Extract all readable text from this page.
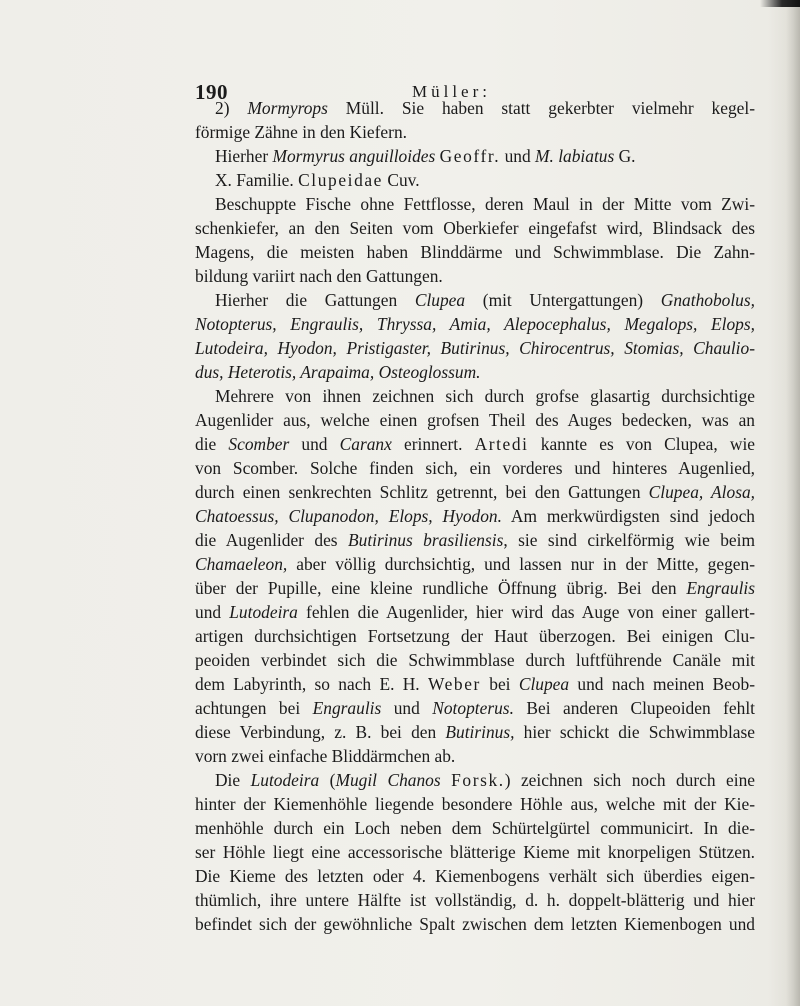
190	Müller:
2) Mormyrops Müll. Sie haben statt gekerbter vielmehr kegel-
förmige Zähne in den Kiefern.
Hierher Mormyrus anguilloides Geoffr. und M. labiatus G.
X. Familie. Clupeidae Cuv.
Beschuppte Fische ohne Fettflosse, deren Maul in der Mitte vom Zwi-
schenkiefer, an den Seiten vom Oberkiefer eingefafst wird, Blindsack des
Magens, die meisten haben Blinddärme und Schwimmblase. Die Zahn-
bildung variirt nach den Gattungen.
Hierher die Gattungen Clupea (mit Untergattungen) Gnathobolus,
Notopterus, Engraulis, Thryssa, Amia, Alepocephalus, Megalops, Elops,
Lutodeira, Hyodon, Pristigaster, Butirinus, Chirocentrus, Stomias, Chaulio-
dus, Heterotis, Arapaima, Osteoglossum.
Mehrere von ihnen zeichnen sich durch grofse glasartig durchsichtige
Augenlider aus, welche einen grofsen Theil des Auges bedecken, was an
die Scomber und Caranx erinnert. Artedi kannte es von Clupea, wie
von Scomber. Solche finden sich, ein vorderes und hinteres Augenlied,
durch einen senkrechten Schlitz getrennt, bei den Gattungen Clupea, Alosa,
Chatoessus, Clupanodon, Elops, Hyodon. Am merkwürdigsten sind jedoch
die Augenlider des Butirinus brasiliensis, sie sind cirkelförmig wie beim
Chamaeleon, aber völlig durchsichtig, und lassen nur in der Mitte, gegen-
über der Pupille, eine kleine rundliche Öffnung übrig. Bei den Engraulis
und Lutodeira fehlen die Augenlider, hier wird das Auge von einer gallert-
artigen durchsichtigen Fortsetzung der Haut überzogen. Bei einigen Clu-
peoiden verbindet sich die Schwimmblase durch luftführende Canäle mit
dem Labyrinth, so nach E. H. Weber bei Clupea und nach meinen Beob-
achtungen bei Engraulis und Notopterus. Bei anderen Clupeoiden fehlt
diese Verbindung, z. B. bei den Butirinus, hier schickt die Schwimmblase
vorn zwei einfache Bliddärmchen ab.
Die Lutodeira (Mugil Chanos Forsk.) zeichnen sich noch durch eine
hinter der Kiemenhöhle liegende besondere Höhle aus, welche mit der Kie-
menhöhle durch ein Loch neben dem Schürtelgürtel communicirt. In die-
ser Höhle liegt eine accessorische blätterige Kieme mit knorpeligen Stützen.
Die Kieme des letzten oder 4. Kiemenbogens verhält sich überdies eigen-
thümlich, ihre untere Hälfte ist vollständig, d. h. doppelt-blätterig und hier
befindet sich der gewöhnliche Spalt zwischen dem letzten Kiemenbogen und
